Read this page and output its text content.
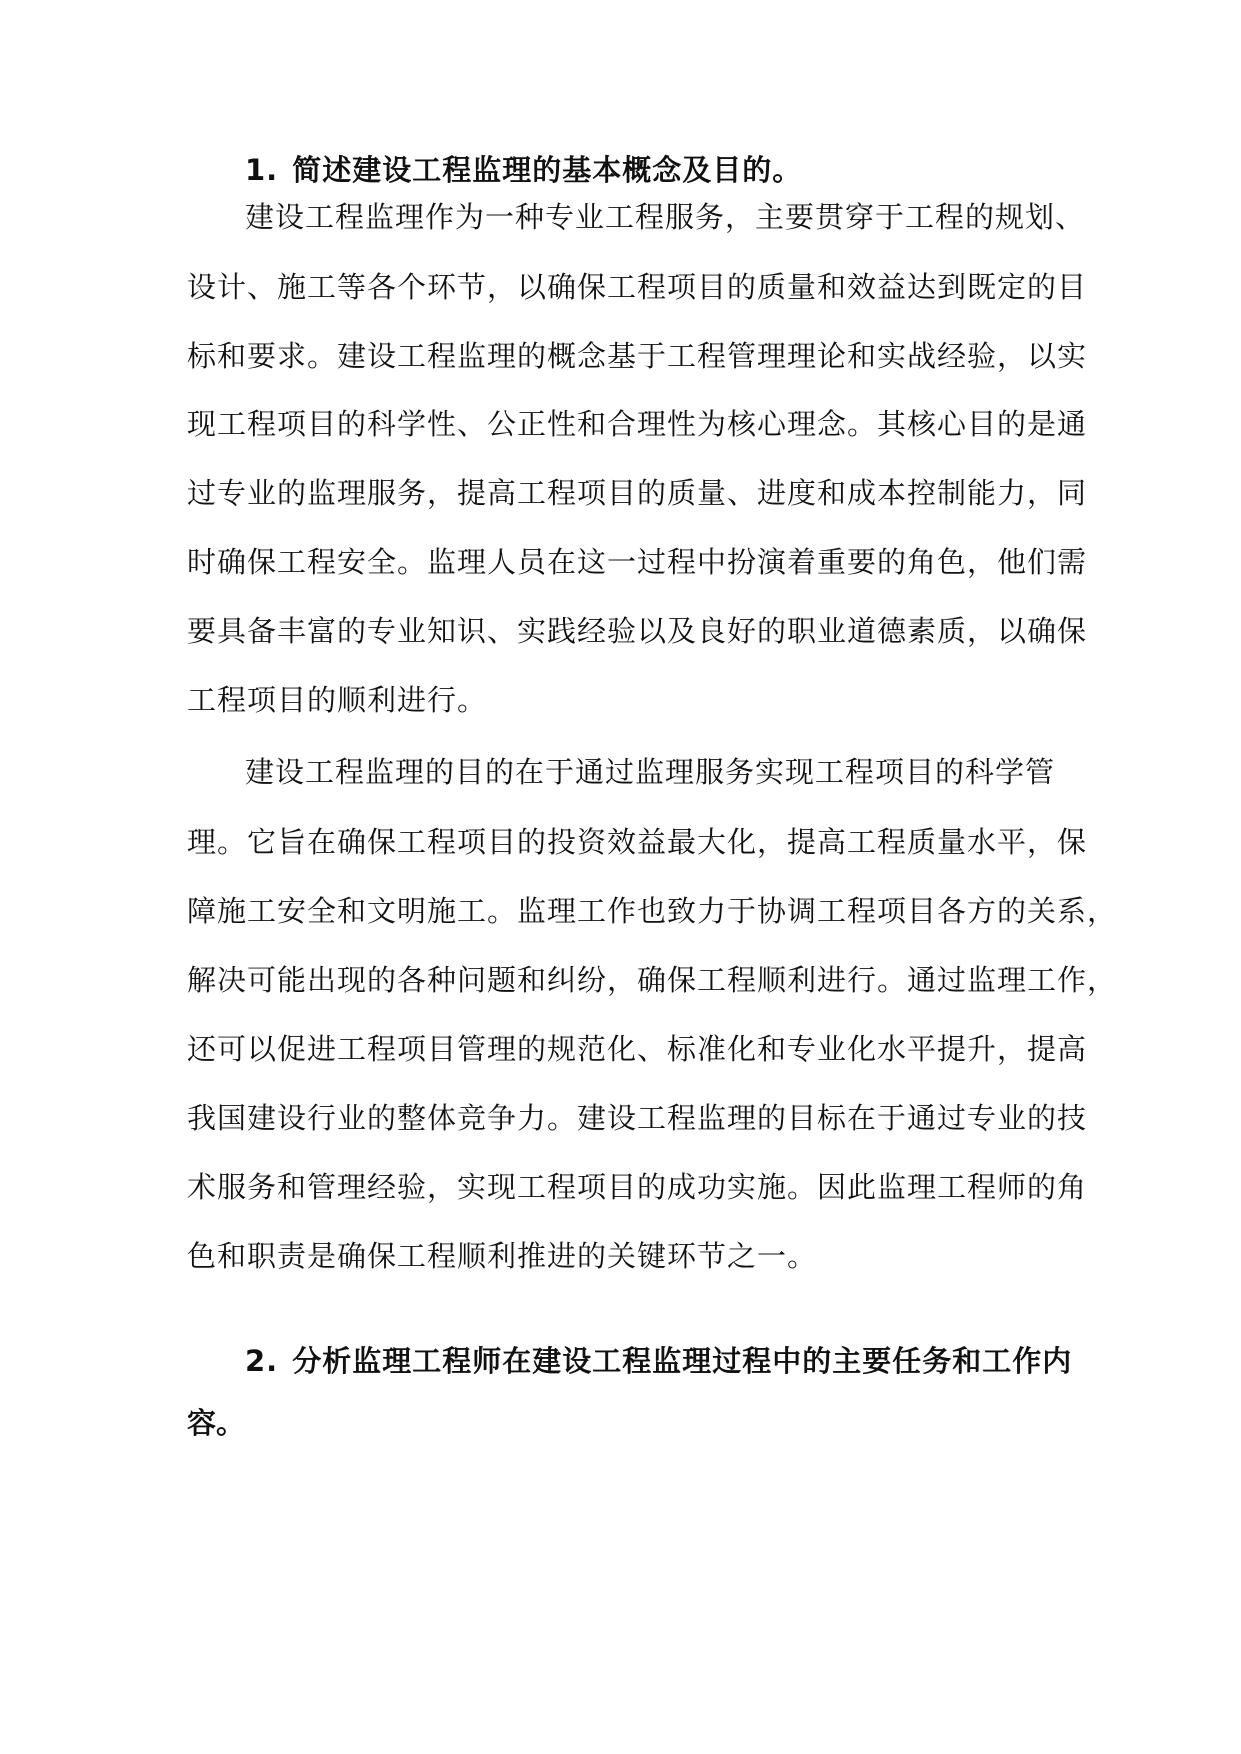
1. 简述建设工程监理的基本概念及目的。

建设工程监理作为一种专业工程服务，主要贯穿于工程的规划、

设计、施工等各个环节，以确保工程项目的质量和效益达到既定的目

标和要求。建设工程监理的概念基于工程管理理论和实战经验，以实

现工程项目的科学性、公正性和合理性为核心理念。其核心目的是通

过专业的监理服务，提高工程项目的质量、进度和成本控制能力，同

时确保工程安全。监理人员在这一过程中扮演着重要的角色，他们需

要具备丰富的专业知识、实践经验以及良好的职业道德素质，以确保

工程项目的顺利进行。

建设工程监理的目的在于通过监理服务实现工程项目的科学管

理。它旨在确保工程项目的投资效益最大化，提高工程质量水平，保

障施工安全和文明施工。监理工作也致力于协调工程项目各方的关系，

解决可能出现的各种问题和纠纷，确保工程顺利进行。通过监理工作，

还可以促进工程项目管理的规范化、标准化和专业化水平提升，提高

我国建设行业的整体竞争力。建设工程监理的目标在于通过专业的技

术服务和管理经验，实现工程项目的成功实施。因此监理工程师的角

色和职责是确保工程顺利推进的关键环节之一。

2. 分析监理工程师在建设工程监理过程中的主要任务和工作内

容。
